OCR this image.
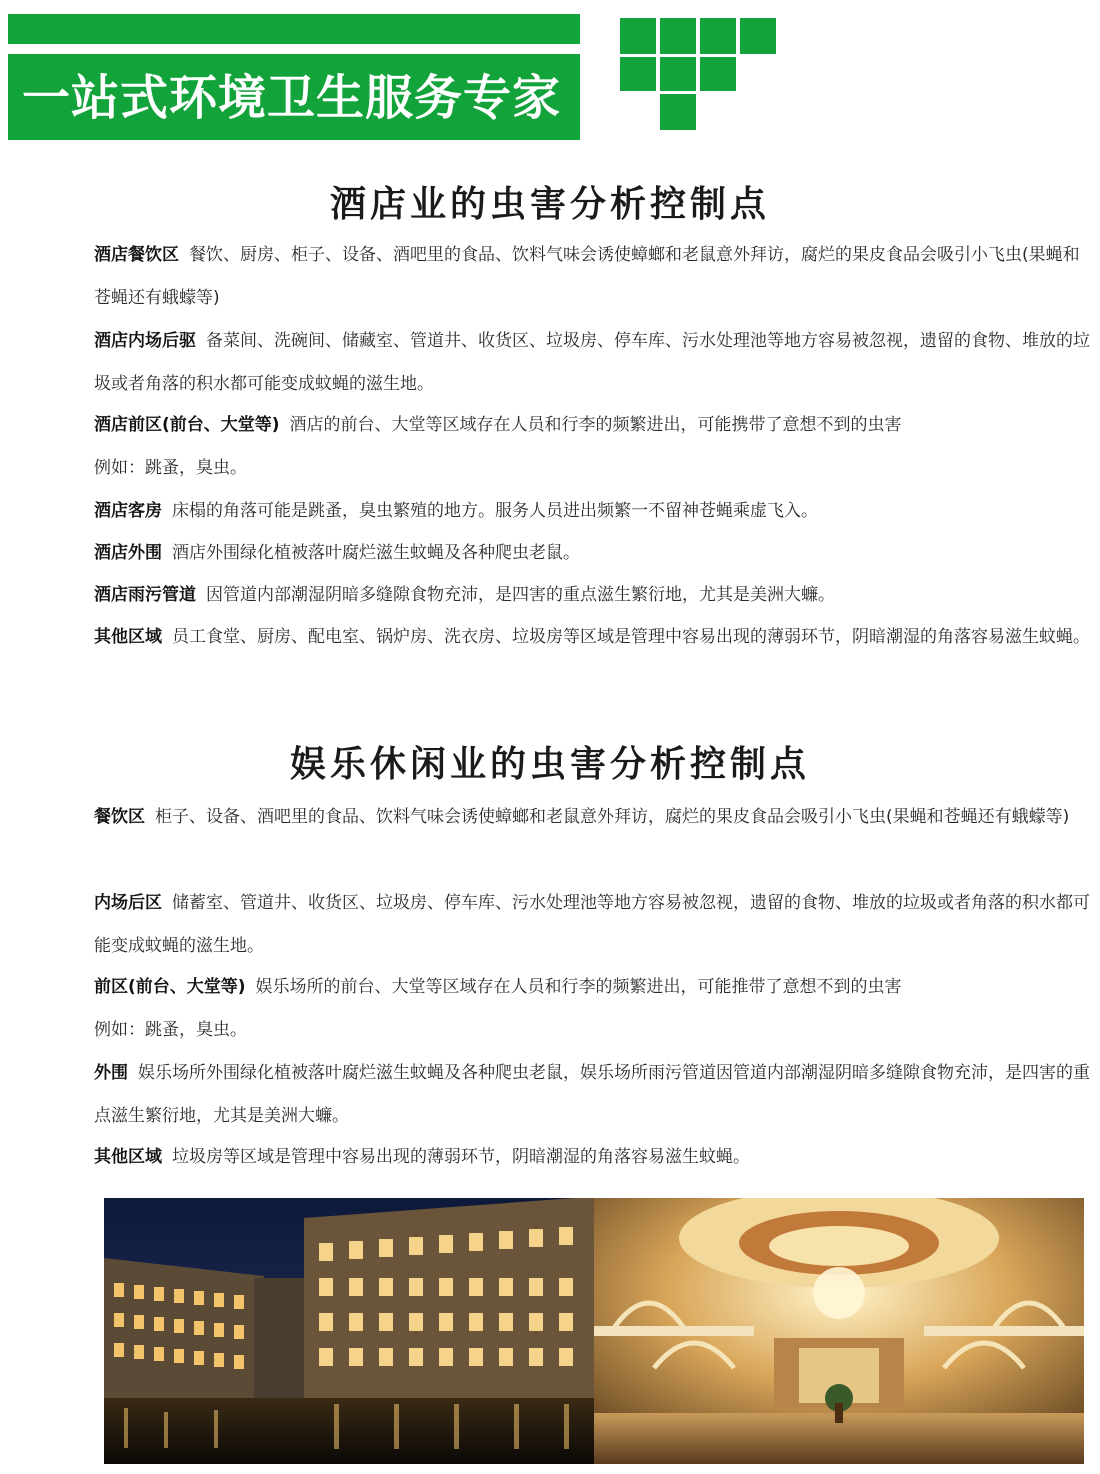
一站式环境卫生服务专家
酒店业的虫害分析控制点
酒店餐饮区 餐饮、厨房、柜子、设备、酒吧里的食品、饮料气味会诱使蟑螂和老鼠意外拜访，腐烂的果皮食品会吸引小飞虫(果蝇和苍蝇还有蛾蠓等)
酒店内场后驱 备菜间、洗碗间、储藏室、管道井、收货区、垃圾房、停车库、污水处理池等地方容易被忽视，遗留的食物、堆放的垃圾或者角落的积水都可能变成蚊蝇的滋生地。
酒店前区(前台、大堂等) 酒店的前台、大堂等区域存在人员和行李的频繁进出，可能携带了意想不到的虫害
例如：跳蚤，臭虫。
酒店客房 床榻的角落可能是跳蚤，臭虫繁殖的地方。服务人员进出频繁一不留神苍蝇乘虚飞入。
酒店外围 酒店外围绿化植被落叶腐烂滋生蚊蝇及各种爬虫老鼠。
酒店雨污管道 因管道内部潮湿阴暗多缝隙食物充沛，是四害的重点滋生繁衍地，尤其是美洲大蠊。
其他区域 员工食堂、厨房、配电室、锅炉房、洗衣房、垃圾房等区域是管理中容易出现的薄弱环节，阴暗潮湿的角落容易滋生蚊蝇。
娱乐休闲业的虫害分析控制点
餐饮区 柜子、设备、酒吧里的食品、饮料气味会诱使蟑螂和老鼠意外拜访，腐烂的果皮食品会吸引小飞虫(果蝇和苍蝇还有蛾蠓等)
内场后区 储蓄室、管道井、收货区、垃圾房、停车库、污水处理池等地方容易被忽视，遗留的食物、堆放的垃圾或者角落的积水都可能变成蚊蝇的滋生地。
前区(前台、大堂等) 娱乐场所的前台、大堂等区域存在人员和行李的频繁进出，可能推带了意想不到的虫害
例如：跳蚤，臭虫。
外围 娱乐场所外围绿化植被落叶腐烂滋生蚊蝇及各种爬虫老鼠，娱乐场所雨污管道因管道内部潮湿阴暗多缝隙食物充沛，是四害的重点滋生繁衍地，尤其是美洲大蠊。
其他区域 垃圾房等区域是管理中容易出现的薄弱环节，阴暗潮湿的角落容易滋生蚊蝇。
